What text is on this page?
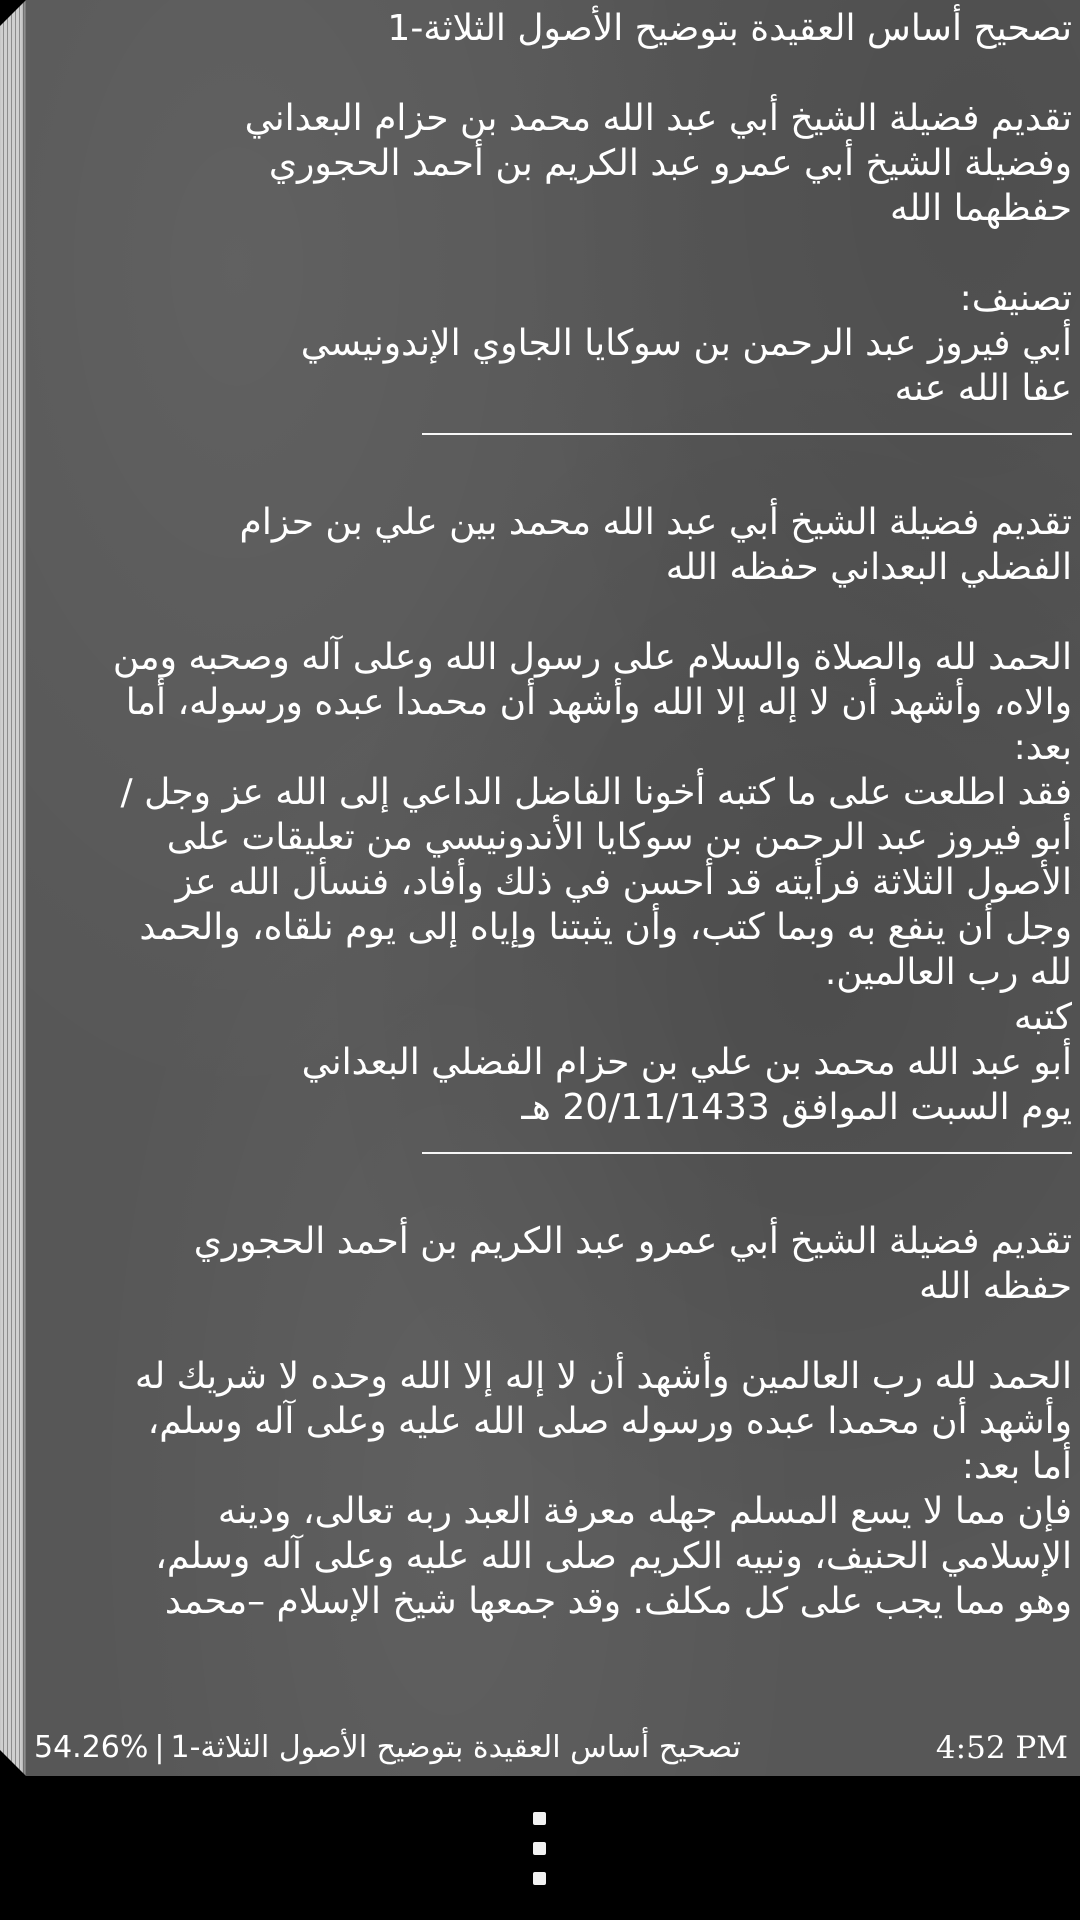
تصحيح أساس العقيدة بتوضيح الأصول الثلاثة-1
تقديم فضيلة الشيخ أبي عبد الله محمد بن حزام البعداني
وفضيلة الشيخ أبي عمرو عبد الكريم بن أحمد الحجوري
حفظهما الله
تصنيف:
أبي فيروز عبد الرحمن بن سوكايا الجاوي الإندونيسي
عفا الله عنه
تقديم فضيلة الشيخ أبي عبد الله محمد بين علي بن حزام
الفضلي البعداني حفظه الله
الحمد لله والصلاة والسلام على رسول الله وعلى آله وصحبه ومن
والاه، وأشهد أن لا إله إلا الله وأشهد أن محمدا عبده ورسوله، أما
بعد:
فقد اطلعت على ما كتبه أخونا الفاضل الداعي إلى الله عز وجل /
أبو فيروز عبد الرحمن بن سوكايا الأندونيسي من تعليقات على
الأصول الثلاثة فرأيته قد أحسن في ذلك وأفاد، فنسأل الله عز
وجل أن ينفع به وبما كتب، وأن يثبتنا وإياه إلى يوم نلقاه، والحمد
لله رب العالمين.
كتبه
أبو عبد الله محمد بن علي بن حزام الفضلي البعداني
يوم السبت الموافق 20/11/1433 هـ
تقديم فضيلة الشيخ أبي عمرو عبد الكريم بن أحمد الحجوري
حفظه الله
الحمد لله رب العالمين وأشهد أن لا إله إلا الله وحده لا شريك له
وأشهد أن محمدا عبده ورسوله صلى الله عليه وعلى آله وسلم،
أما بعد:
فإن مما لا يسع المسلم جهله معرفة العبد ربه تعالى، ودينه
الإسلامي الحنيف، ونبيه الكريم صلى الله عليه وعلى آله وسلم،
وهو مما يجب على كل مكلف. وقد جمعها شيخ الإسلام –محمد
تصحيح أساس العقيدة بتوضيح الأصول الثلاثة-1|%54.26	4:52 PM
